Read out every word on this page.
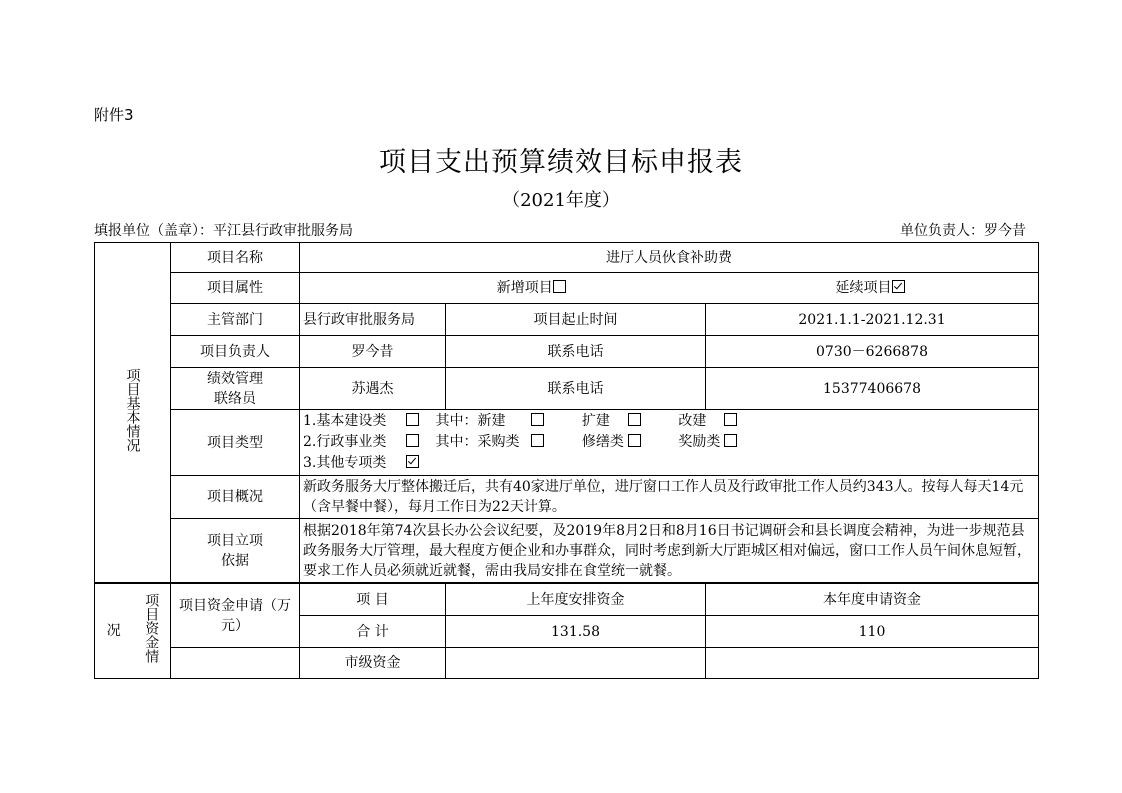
附件3
项目支出预算绩效目标申报表
（2021年度）
填报单位（盖章）：平江县行政审批服务局	单位负责人：罗今昔
项目基本情况	项目名称	进厅人员伙食补助费		
	项目属性	新增项目		延续项目
	主管部门	县行政审批服务局	项目起止时间	2021.1.1-2021.12.31
	项目负责人	罗今昔	联系电话	0730－6266878

	绩效管理
联络员	苏遇杰	联系电话	15377406678
	项目类型	1.基本建设类 其中：新建 扩建 改建
2.行政事业类 其中：采购类 修缮类 奖励类
3.其他专项类		

	项目概况	新政务服务大厅整体搬迁后，共有40家进厅单位，进厅窗口工作人员及行政审批工作人员约343人。按每人每天14元（含早餐中餐），每月工作日为22天计算。		

	项目立项
依据	根据2018年第74次县长办公会议纪要，及2019年8月2日和8月16日书记调研会和县长调度会精神，为进一步规范县政务服务大厅管理，最大程度方便企业和办事群众，同时考虑到新大厅距城区相对偏远，窗口工作人员午间休息短暂，要求工作人员必须就近就餐，需由我局安排在食堂统一就餐。		
况	项目资金情	项目资金申请（万元）	项 目	上年度安排资金	本年度申请资金
			合 计	131.58	110
			市级资金		
